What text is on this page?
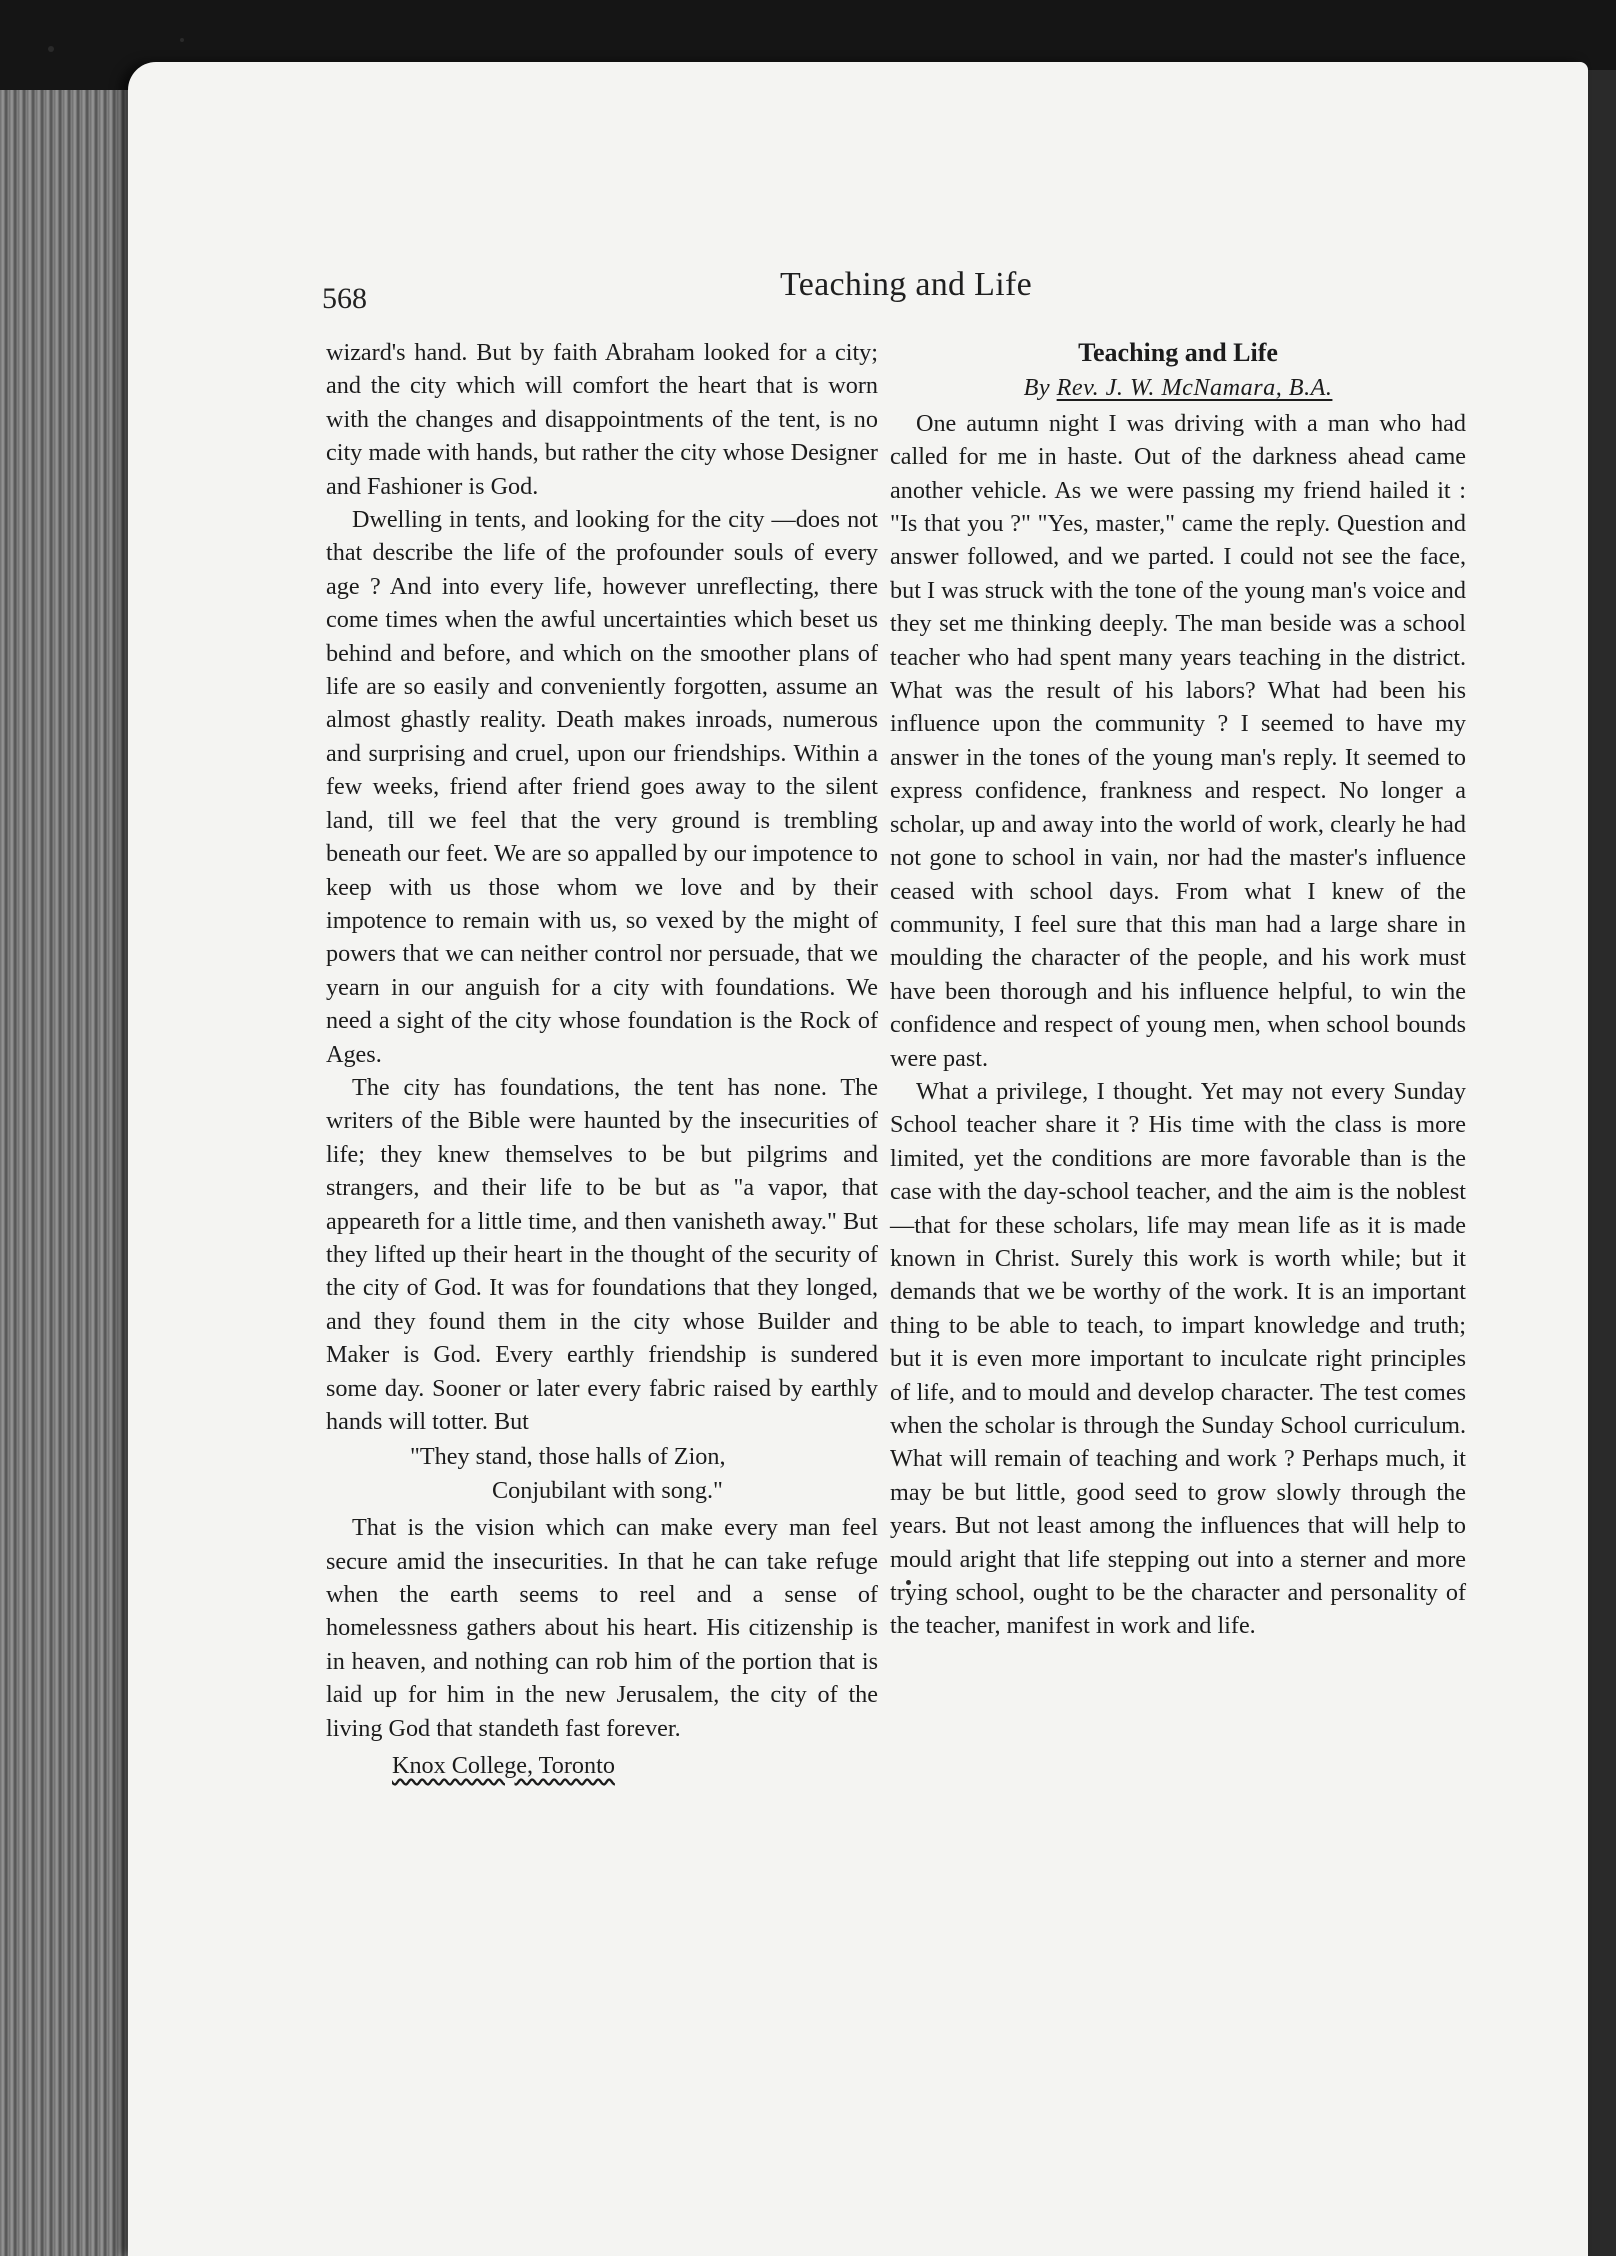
568	Teaching and Life

wizard's hand. But by faith Abraham looked for a city; and the city which will comfort the heart that is worn with the changes and disappointments of the tent, is no city made with hands, but rather the city whose Designer and Fashioner is God.

Dwelling in tents, and looking for the city —does not that describe the life of the profounder souls of every age ? And into every life, however unreflecting, there come times when the awful uncertainties which beset us behind and before, and which on the smoother plans of life are so easily and conveniently forgotten, assume an almost ghastly reality. Death makes inroads, numerous and surprising and cruel, upon our friendships. Within a few weeks, friend after friend goes away to the silent land, till we feel that the very ground is trembling beneath our feet. We are so appalled by our impotence to keep with us those whom we love and by their impotence to remain with us, so vexed by the might of powers that we can neither control nor persuade, that we yearn in our anguish for a city with foundations. We need a sight of the city whose foundation is the Rock of Ages.

The city has foundations, the tent has none. The writers of the Bible were haunted by the insecurities of life; they knew themselves to be but pilgrims and strangers, and their life to be but as "a vapor, that appeareth for a little time, and then vanisheth away." But they lifted up their heart in the thought of the security of the city of God. It was for foundations that they longed, and they found them in the city whose Builder and Maker is God. Every earthly friendship is sundered some day. Sooner or later every fabric raised by earthly hands will totter. But

"They stand, those halls of Zion,
Conjubilant with song."

That is the vision which can make every man feel secure amid the insecurities. In that he can take refuge when the earth seems to reel and a sense of homelessness gathers about his heart. His citizenship is in heaven, and nothing can rob him of the portion that is laid up for him in the new Jerusalem, the city of the living God that standeth fast forever.

Knox College, Toronto
Teaching and Life
By Rev. J. W. McNamara, B.A.

One autumn night I was driving with a man who had called for me in haste. Out of the darkness ahead came another vehicle. As we were passing my friend hailed it : "Is that you ?" "Yes, master," came the reply. Question and answer followed, and we parted. I could not see the face, but I was struck with the tone of the young man's voice and they set me thinking deeply. The man beside was a school teacher who had spent many years teaching in the district. What was the result of his labors? What had been his influence upon the community ? I seemed to have my answer in the tones of the young man's reply. It seemed to express confidence, frankness and respect. No longer a scholar, up and away into the world of work, clearly he had not gone to school in vain, nor had the master's influence ceased with school days. From what I knew of the community, I feel sure that this man had a large share in moulding the character of the people, and his work must have been thorough and his influence helpful, to win the confidence and respect of young men, when school bounds were past.

What a privilege, I thought. Yet may not every Sunday School teacher share it ? His time with the class is more limited, yet the conditions are more favorable than is the case with the day-school teacher, and the aim is the noblest—that for these scholars, life may mean life as it is made known in Christ. Surely this work is worth while; but it demands that we be worthy of the work. It is an important thing to be able to teach, to impart knowledge and truth; but it is even more important to inculcate right principles of life, and to mould and develop character. The test comes when the scholar is through the Sunday School curriculum. What will remain of teaching and work ? Perhaps much, it may be but little, good seed to grow slowly through the years. But not least among the influences that will help to mould aright that life stepping out into a sterner and more trying school, ought to be the character and personality of the teacher, manifest in work and life.
